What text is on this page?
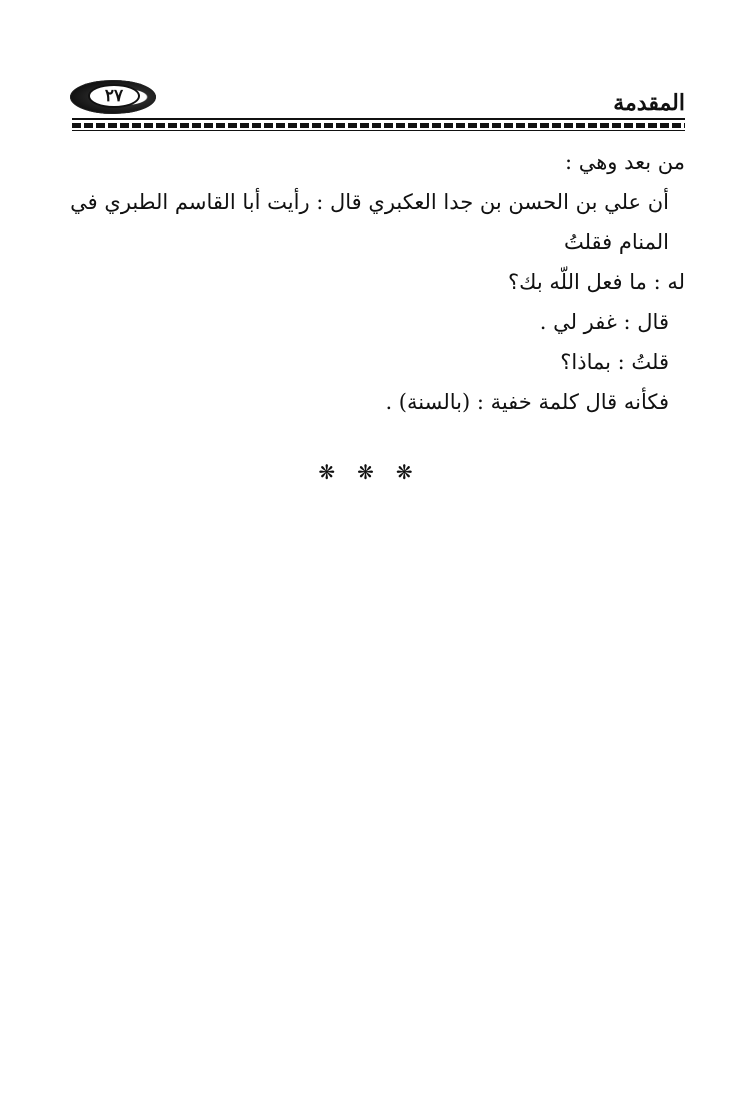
٢٧	المقدمة

من بعد وهي :

أن علي بن الحسن بن جدا العكبري قال : رأيت أبا القاسم الطبري في المنام فقلتُ

له : ما فعل اللّه بك؟

قال : غفر لي .

قلتُ : بماذا؟

فكأنه قال كلمة خفية : (بالسنة) .

❋❋❋
